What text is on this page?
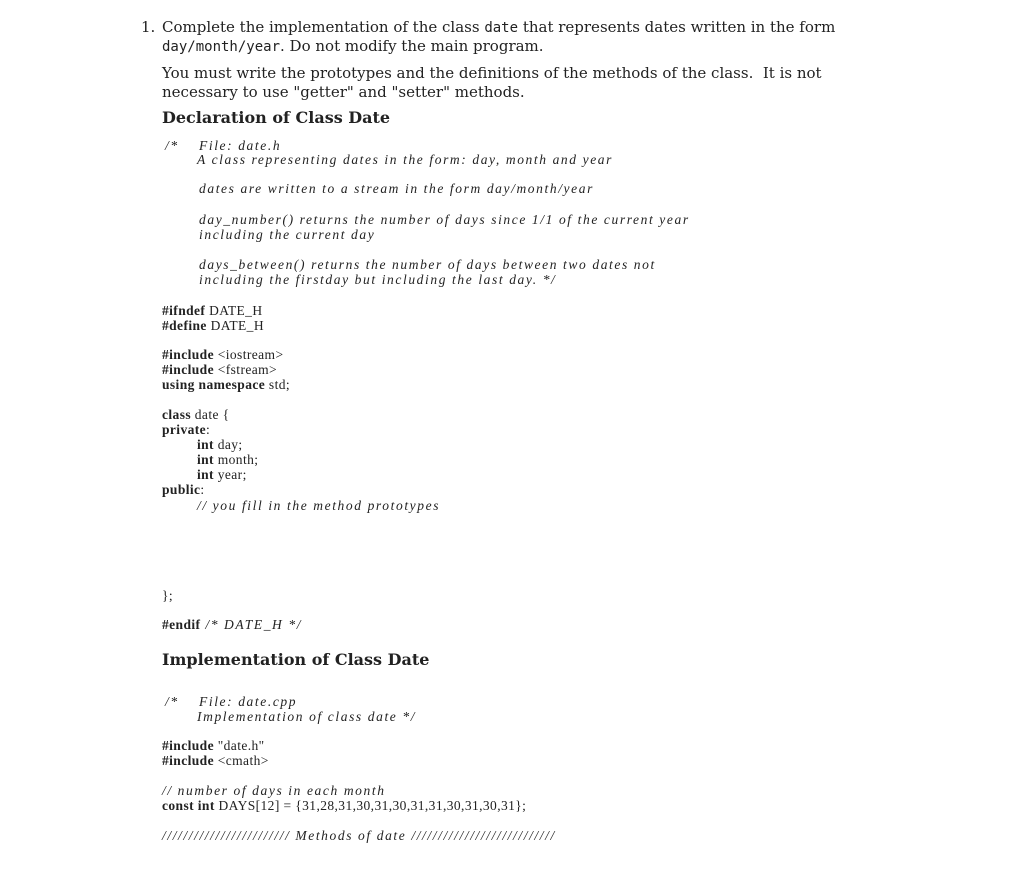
1. Complete the implementation of the class date that represents dates written in the form
day/month/year. Do not modify the main program.
You must write the prototypes and the definitions of the methods of the class.  It is not
necessary to use "getter" and "setter" methods.
Declaration of Class Date
/* File: date.h
A class representing dates in the form: day, month and year
dates are written to a stream in the form day/month/year
day_number() returns the number of days since 1/1 of the current year
including the current day
days_between() returns the number of days between two dates not
including the firstday but including the last day. */
#ifndef DATE_H
#define DATE_H
#include <iostream>
#include <fstream>
using namespace std;
class date {
private:
int day;
int month;
int year;
public:
// you fill in the method prototypes
};
#endif /* DATE_H */
Implementation of Class Date
/* File: date.cpp
Implementation of class date */
#include "date.h"
#include <cmath>
// number of days in each month
const int DAYS[12] = {31,28,31,30,31,30,31,31,30,31,30,31};
//////////////////////// Methods of date ///////////////////////////
